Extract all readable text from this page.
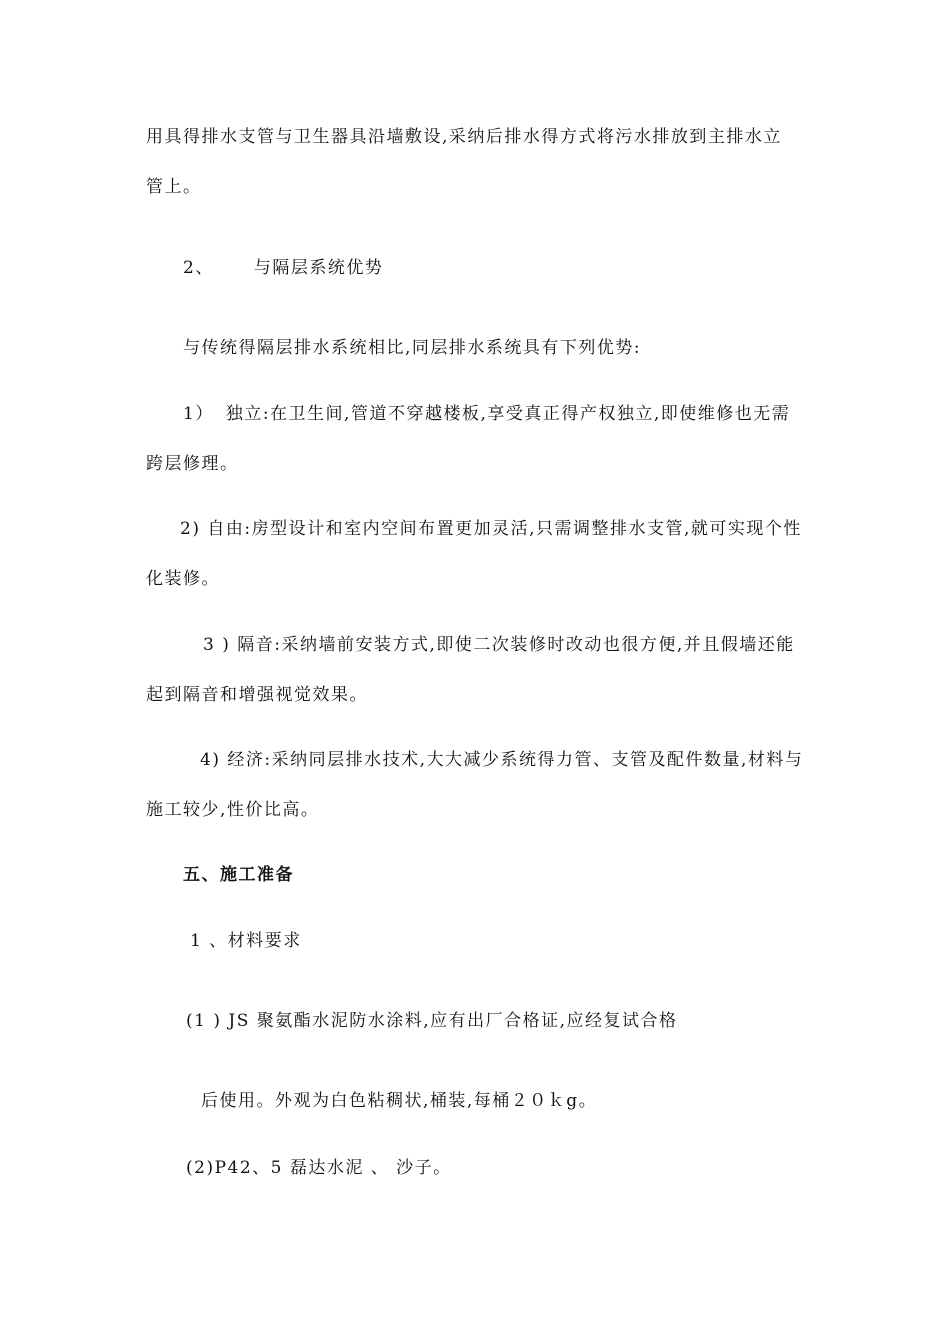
用具得排水支管与卫生器具沿墙敷设,采纳后排水得方式将污水排放到主排水立
管上。
2、 与隔层系统优势
与传统得隔层排水系统相比,同层排水系统具有下列优势:
1） 独立:在卫生间,管道不穿越楼板,享受真正得产权独立,即使维修也无需
跨层修理。
2) 自由:房型设计和室内空间布置更加灵活,只需调整排水支管,就可实现个性
化装修。
3 ) 隔音:采纳墙前安装方式,即使二次装修时改动也很方便,并且假墙还能
起到隔音和增强视觉效果。
4) 经济:采纳同层排水技术,大大减少系统得力管、支管及配件数量,材料与
施工较少,性价比高。
五、施工准备
1 、材料要求
(1 ) JS 聚氨酯水泥防水涂料,应有出厂合格证,应经复试合格
后使用。外观为白色粘稠状,桶装,每桶２０ｋg。
(2)P42、5 磊达水泥 、 沙子。
